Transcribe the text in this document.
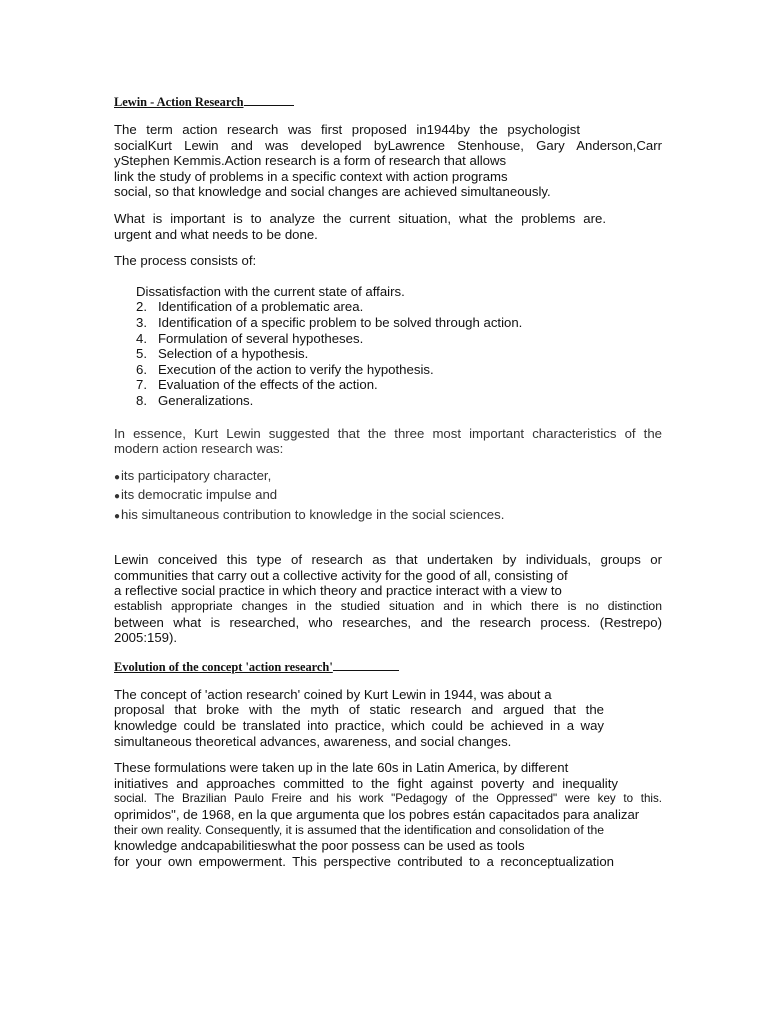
Lewin - Action Research
The term action research was first proposed in1944by the psychologist
socialKurt Lewin and was developed byLawrence Stenhouse, Gary Anderson,Carr
yStephen Kemmis.Action research is a form of research that allows
link the study of problems in a specific context with action programs
social, so that knowledge and social changes are achieved simultaneously.
What is important is to analyze the current situation, what the problems are.
urgent and what needs to be done.
The process consists of:
Dissatisfaction with the current state of affairs.
2. Identification of a problematic area.
3. Identification of a specific problem to be solved through action.
4. Formulation of several hypotheses.
5. Selection of a hypothesis.
6. Execution of the action to verify the hypothesis.
7. Evaluation of the effects of the action.
8. Generalizations.
In essence, Kurt Lewin suggested that the three most important characteristics of the
modern action research was:
●its participatory character,
●its democratic impulse and
●his simultaneous contribution to knowledge in the social sciences.
Lewin conceived this type of research as that undertaken by individuals, groups or
communities that carry out a collective activity for the good of all, consisting of
a reflective social practice in which theory and practice interact with a view to
establish appropriate changes in the studied situation and in which there is no distinction
between what is researched, who researches, and the research process. (Restrepo)
2005:159).
Evolution of the concept 'action research'
The concept of 'action research' coined by Kurt Lewin in 1944, was about a
proposal that broke with the myth of static research and argued that the
knowledge could be translated into practice, which could be achieved in a way
simultaneous theoretical advances, awareness, and social changes.
These formulations were taken up in the late 60s in Latin America, by different
initiatives and approaches committed to the fight against poverty and inequality
social. The Brazilian Paulo Freire and his work "Pedagogy of the Oppressed" were key to this.
oprimidos", de 1968, en la que argumenta que los pobres están capacitados para analizar
their own reality. Consequently, it is assumed that the identification and consolidation of the
knowledge andcapabilitieswhat the poor possess can be used as tools
for your own empowerment. This perspective contributed to a reconceptualization
